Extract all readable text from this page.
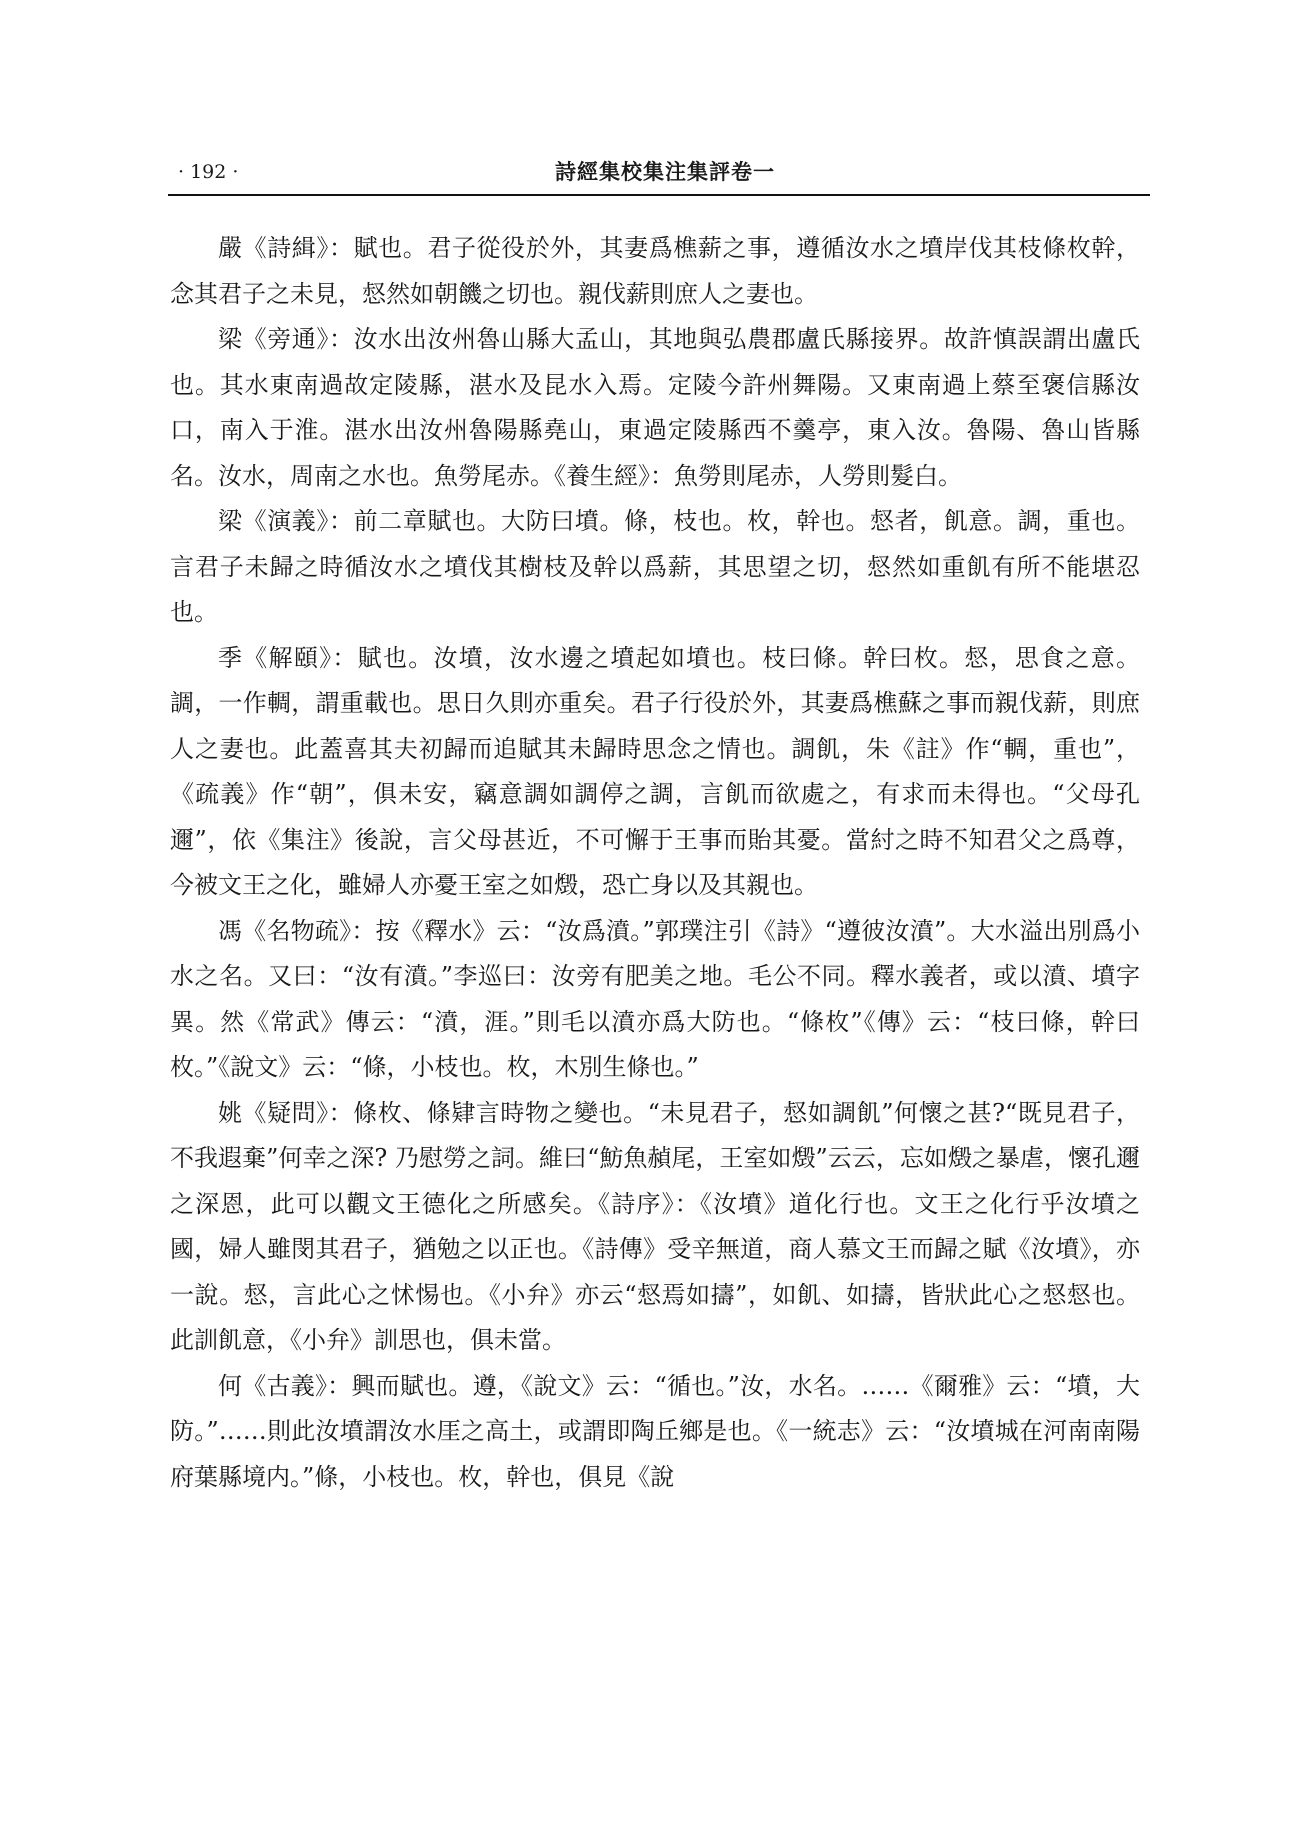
· 192 ·	詩經集校集注集評卷一

嚴《詩緝》：賦也。君子從役於外，其妻爲樵薪之事，遵循汝水之墳岸伐其枝條枚幹，念其君子之未見，惄然如朝饑之切也。親伐薪則庶人之妻也。

梁《旁通》：汝水出汝州魯山縣大孟山，其地與弘農郡盧氏縣接界。故許慎誤謂出盧氏也。其水東南過故定陵縣，湛水及昆水入焉。定陵今許州舞陽。又東南過上蔡至褒信縣汝口，南入于淮。湛水出汝州魯陽縣堯山，東過定陵縣西不羹亭，東入汝。魯陽、魯山皆縣名。汝水，周南之水也。魚勞尾赤。《養生經》：魚勞則尾赤，人勞則髮白。

梁《演義》：前二章賦也。大防曰墳。條，枝也。枚，幹也。惄者，飢意。調，重也。言君子未歸之時循汝水之墳伐其樹枝及幹以爲薪，其思望之切，惄然如重飢有所不能堪忍也。

季《解頤》：賦也。汝墳，汝水邊之墳起如墳也。枝曰條。幹曰枚。惄，思食之意。調，一作輖，謂重載也。思日久則亦重矣。君子行役於外，其妻爲樵蘇之事而親伐薪，則庶人之妻也。此蓋喜其夫初歸而追賦其未歸時思念之情也。調飢，朱《註》作“輖，重也”，《疏義》作“朝”，俱未安，竊意調如調停之調，言飢而欲處之，有求而未得也。“父母孔邇”，依《集注》後說，言父母甚近，不可懈于王事而貽其憂。當紂之時不知君父之爲尊，今被文王之化，雖婦人亦憂王室之如燬，恐亡身以及其親也。

馮《名物疏》：按《釋水》云：“汝爲濆。”郭璞注引《詩》“遵彼汝濆”。大水溢出別爲小水之名。又曰：“汝有濆。”李巡曰：汝旁有肥美之地。毛公不同。釋水義者，或以濆、墳字異。然《常武》傳云：“濆，涯。”則毛以濆亦爲大防也。“條枚”《傳》云：“枝曰條，幹曰枚。”《說文》云：“條，小枝也。枚，木別生條也。”

姚《疑問》：條枚、條肄言時物之變也。“未見君子，惄如調飢”何懷之甚?“既見君子，不我遐棄”何幸之深? 乃慰勞之詞。維曰“魴魚赬尾，王室如燬”云云，忘如燬之暴虐，懷孔邇之深恩，此可以觀文王德化之所感矣。《詩序》：《汝墳》道化行也。文王之化行乎汝墳之國，婦人雖閔其君子，猶勉之以正也。《詩傳》受辛無道，商人慕文王而歸之賦《汝墳》，亦一說。惄，言此心之怵惕也。《小弁》亦云“惄焉如擣”，如飢、如擣，皆狀此心之惄惄也。此訓飢意，《小弁》訓思也，俱未當。

何《古義》：興而賦也。遵，《說文》云：“循也。”汝，水名。……《爾雅》云：“墳，大防。”……則此汝墳謂汝水厓之高土，或謂即陶丘鄉是也。《一統志》云：“汝墳城在河南南陽府葉縣境内。”條，小枝也。枚，幹也，俱見《說
